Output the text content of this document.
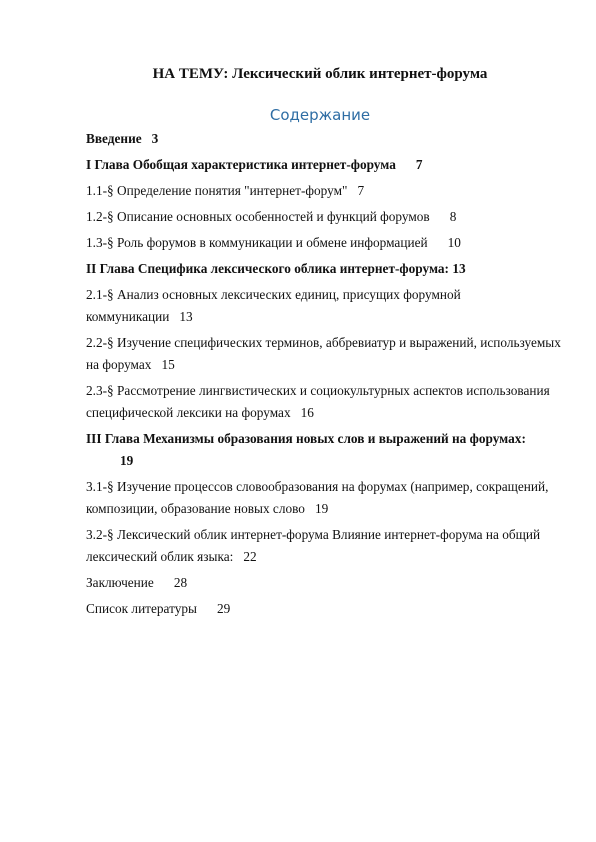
НА ТЕМУ: Лексический облик интернет-форума
Содержание
Введение 3
I Глава Обобщая характеристика интернет-форума 7
1.1-§ Определение понятия "интернет-форум" 7
1.2-§ Описание основных особенностей и функций форумов 8
1.3-§ Роль форумов в коммуникации и обмене информацией 10
II Глава Специфика лексического облика интернет-форума: 13
2.1-§ Анализ основных лексических единиц, присущих форумной коммуникации 13
2.2-§ Изучение специфических терминов, аббревиатур и выражений, используемых на форумах 15
2.3-§ Рассмотрение лингвистических и социокультурных аспектов использования специфической лексики на форумах 16
III Глава Механизмы образования новых слов и выражений на форумах:
19
3.1-§ Изучение процессов словообразования на форумах (например, сокращений, композиции, образование новых слово 19
3.2-§ Лексический облик интернет-форума Влияние интернет-форума на общий лексический облик языка: 22
Заключение 28
Список литературы 29
